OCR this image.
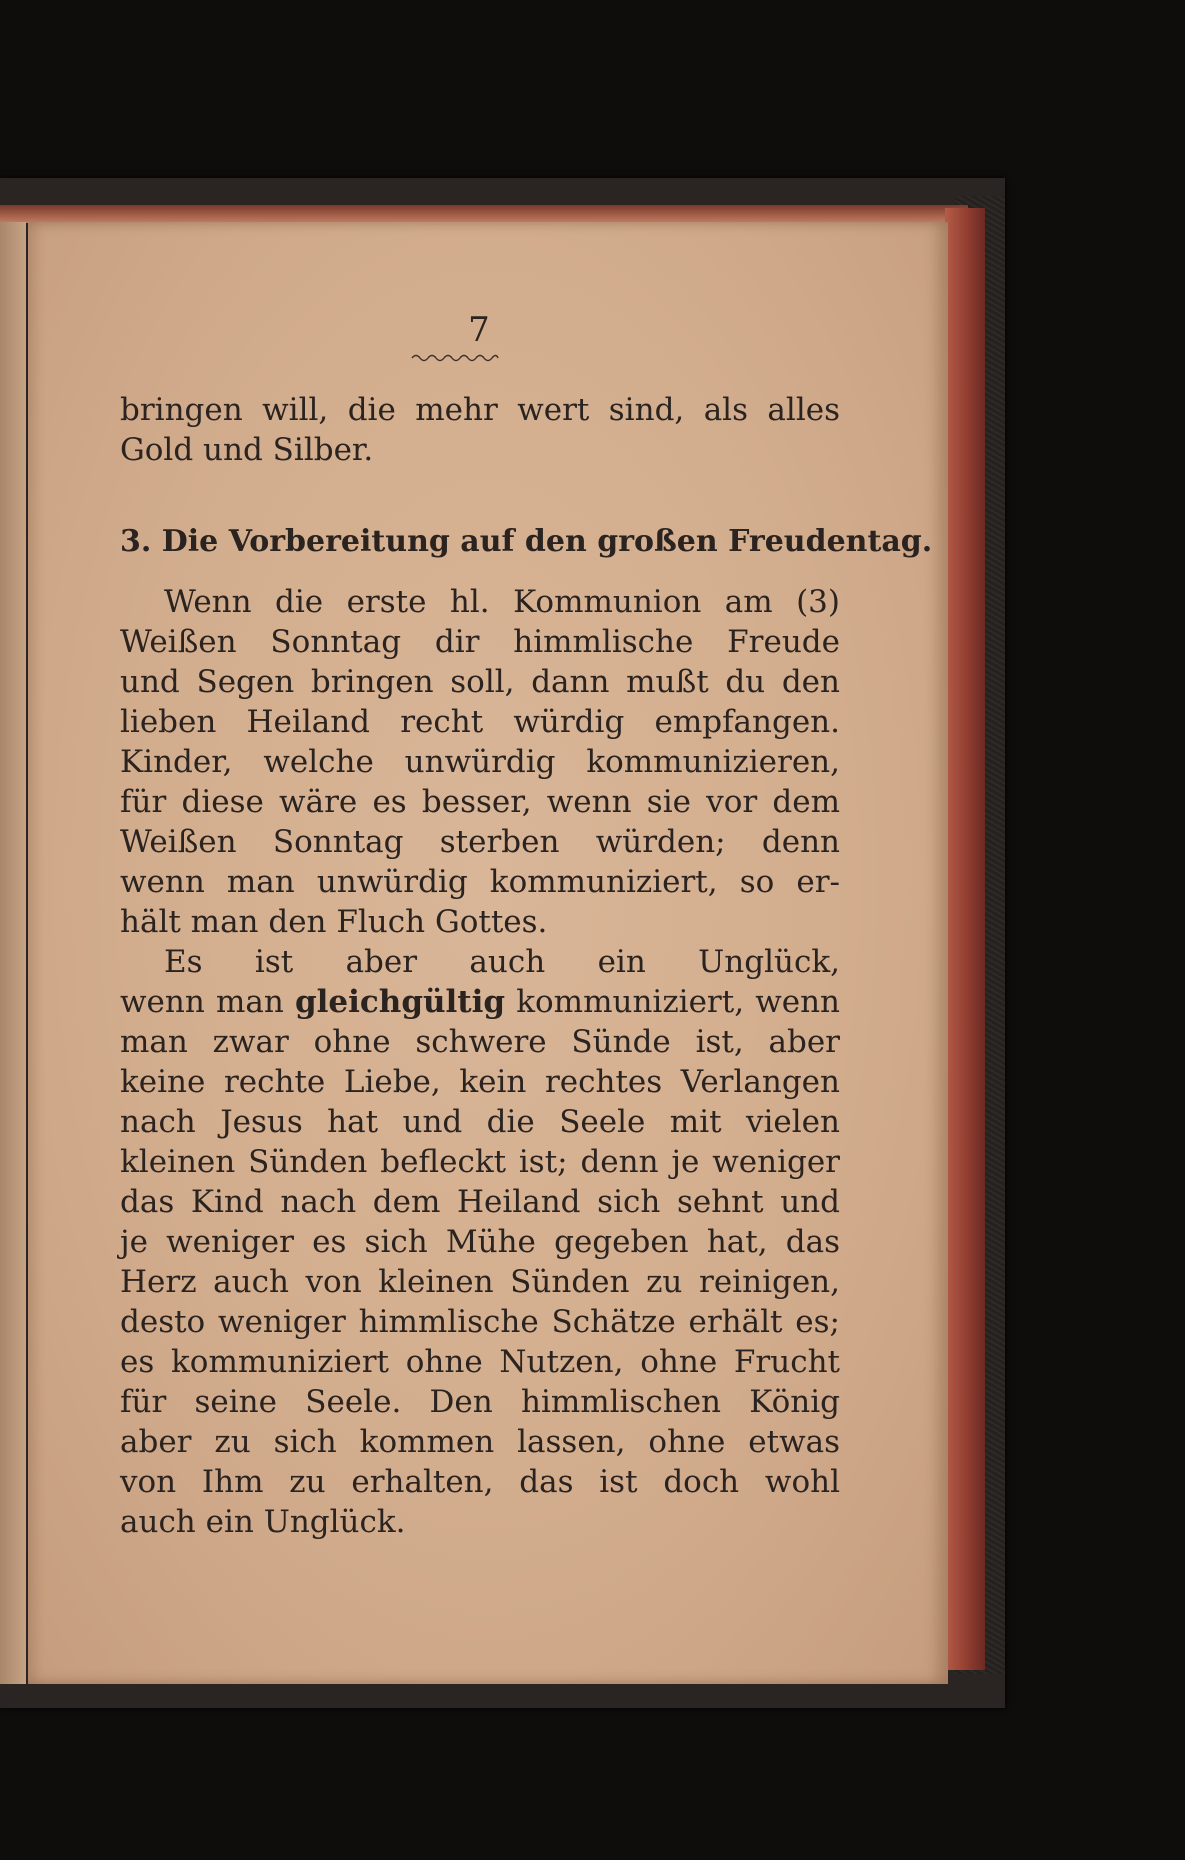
7
bringen will, die mehr wert sind, als alles
Gold und Silber.
3. Die Vorbereitung auf den großen Freudentag.
Wenn die erste hl. Kommunion am (3)
Weißen Sonntag dir himmlische Freude
und Segen bringen soll, dann mußt du den
lieben Heiland recht würdig empfangen.
Kinder, welche unwürdig kommunizieren,
für diese wäre es besser, wenn sie vor dem
Weißen Sonntag sterben würden; denn
wenn man unwürdig kommuniziert, so er-
hält man den Fluch Gottes.
Es ist aber auch ein Unglück,
wenn man gleichgültig kommuniziert, wenn
man zwar ohne schwere Sünde ist, aber
keine rechte Liebe, kein rechtes Verlangen
nach Jesus hat und die Seele mit vielen
kleinen Sünden befleckt ist; denn je weniger
das Kind nach dem Heiland sich sehnt und
je weniger es sich Mühe gegeben hat, das
Herz auch von kleinen Sünden zu reinigen,
desto weniger himmlische Schätze erhält es;
es kommuniziert ohne Nutzen, ohne Frucht
für seine Seele. Den himmlischen König
aber zu sich kommen lassen, ohne etwas
von Ihm zu erhalten, das ist doch wohl
auch ein Unglück.
